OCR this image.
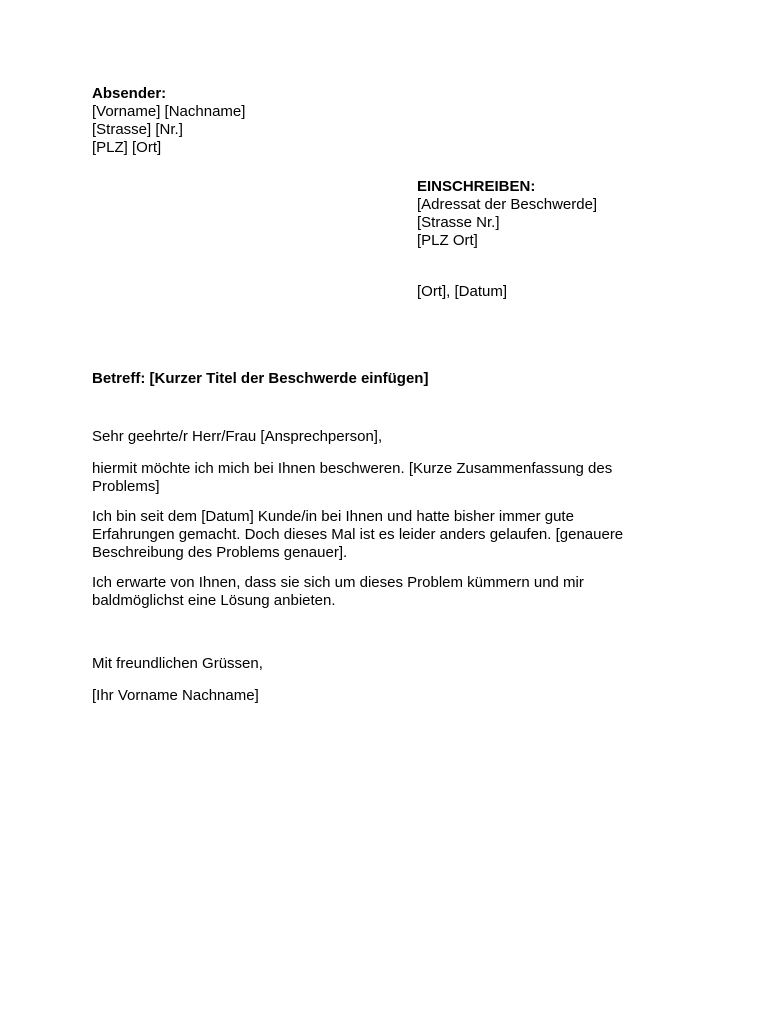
Absender:
[Vorname] [Nachname]
[Strasse] [Nr.]
[PLZ] [Ort]
EINSCHREIBEN:
[Adressat der Beschwerde]
[Strasse Nr.]
[PLZ Ort]
[Ort], [Datum]
Betreff: [Kurzer Titel der Beschwerde einfügen]
Sehr geehrte/r Herr/Frau [Ansprechperson],
hiermit möchte ich mich bei Ihnen beschweren. [Kurze Zusammenfassung des
Problems]
Ich bin seit dem [Datum] Kunde/in bei Ihnen und hatte bisher immer gute
Erfahrungen gemacht. Doch dieses Mal ist es leider anders gelaufen. [genauere
Beschreibung des Problems genauer].
Ich erwarte von Ihnen, dass sie sich um dieses Problem kümmern und mir
baldmöglichst eine Lösung anbieten.
Mit freundlichen Grüssen,
[Ihr Vorname Nachname]
